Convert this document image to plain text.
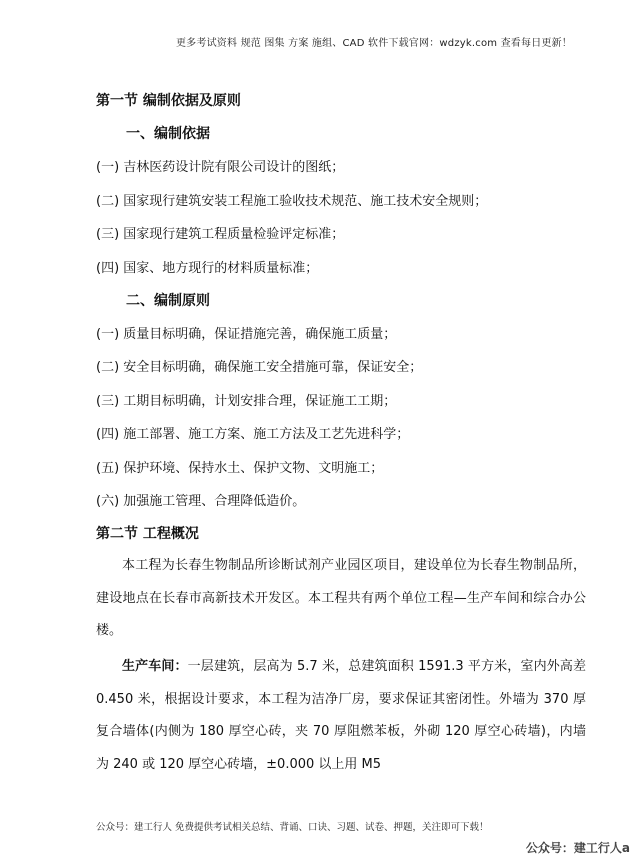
更多考试资料 规范 图集 方案 施组、CAD 软件下载官网：wdzyk.com 查看每日更新！
第一节 编制依据及原则
一、编制依据
(一) 吉林医药设计院有限公司设计的图纸；
(二) 国家现行建筑安装工程施工验收技术规范、施工技术安全规则；
(三) 国家现行建筑工程质量检验评定标准；
(四) 国家、地方现行的材料质量标准；
二、编制原则
(一) 质量目标明确，保证措施完善，确保施工质量；
(二) 安全目标明确，确保施工安全措施可靠，保证安全；
(三) 工期目标明确，计划安排合理，保证施工工期；
(四) 施工部署、施工方案、施工方法及工艺先进科学；
(五) 保护环境、保持水土、保护文物、文明施工；
(六) 加强施工管理、合理降低造价。
第二节 工程概况
本工程为长春生物制品所诊断试剂产业园区项目，建设单位为长春生物制品所，建设地点在长春市高新技术开发区。本工程共有两个单位工程—生产车间和综合办公楼。
生产车间：一层建筑，层高为 5.7 米，总建筑面积 1591.3 平方米，室内外高差 0.450 米，根据设计要求，本工程为洁净厂房，要求保证其密闭性。外墙为 370 厚复合墙体(内侧为 180 厚空心砖，夹 70 厚阻燃苯板，外砌 120 厚空心砖墙)，内墙为 240 或 120 厚空心砖墙，±0.000 以上用 M5
公众号：建工行人 免费提供考试相关总结、背诵、口诀、习题、试卷、押题，关注即可下载！
公众号：建工行人a
